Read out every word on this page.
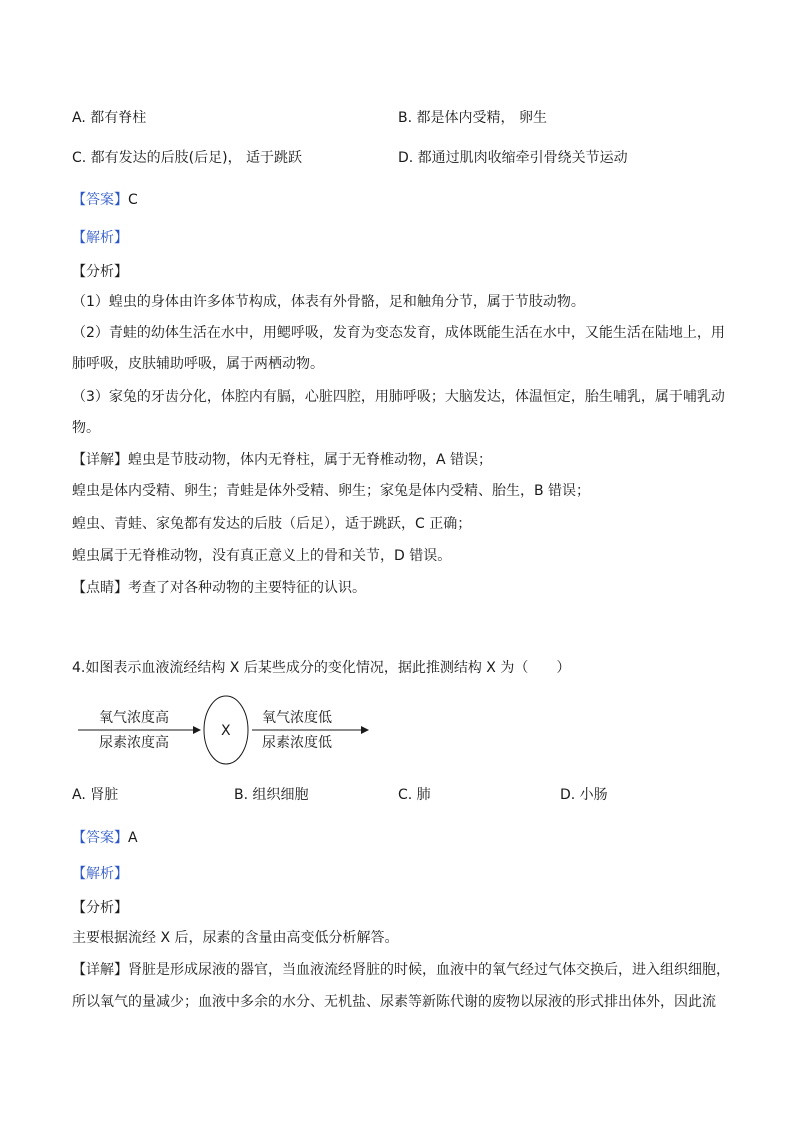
A. 都有脊柱	B. 都是体内受精， 卵生
C. 都有发达的后肢(后足)， 适于跳跃	D. 都通过肌肉收缩牵引骨绕关节运动
【答案】C
【解析】
【分析】
（1）蝗虫的身体由许多体节构成，体表有外骨骼，足和触角分节，属于节肢动物。
（2）青蛙的幼体生活在水中，用鳃呼吸，发育为变态发育，成体既能生活在水中，又能生活在陆地上，用
肺呼吸，皮肤辅助呼吸，属于两栖动物。
（3）家兔的牙齿分化，体腔内有膈，心脏四腔，用肺呼吸；大脑发达，体温恒定，胎生哺乳，属于哺乳动
物。
【详解】蝗虫是节肢动物，体内无脊柱，属于无脊椎动物，A 错误；
蝗虫是体内受精、卵生；青蛙是体外受精、卵生；家兔是体内受精、胎生，B 错误；
蝗虫、青蛙、家兔都有发达的后肢（后足），适于跳跃，C 正确；
蝗虫属于无脊椎动物，没有真正意义上的骨和关节，D 错误。
【点睛】考查了对各种动物的主要特征的认识。
4.如图表示血液流经结构 X 后某些成分的变化情况，据此推测结构 X 为（　　）
氧气浓度高
尿素浓度高
X
氧气浓度低
尿素浓度低
A. 肾脏	B. 组织细胞	C. 肺	D. 小肠
【答案】A
【解析】
【分析】
主要根据流经 X 后，尿素的含量由高变低分析解答。
【详解】肾脏是形成尿液的器官，当血液流经肾脏的时候，血液中的氧气经过气体交换后，进入组织细胞，
所以氧气的量减少；血液中多余的水分、无机盐、尿素等新陈代谢的废物以尿液的形式排出体外，因此流
